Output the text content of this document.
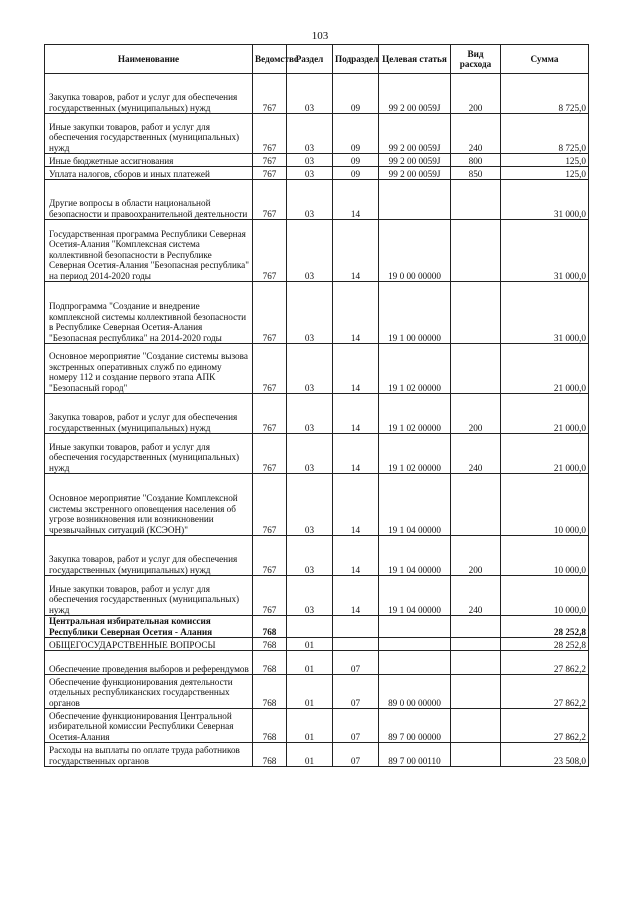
103
Наименование	Ведомство	Раздел	Подраздел	Целевая статья	Вид расхода	Сумма
Закупка товаров, работ и услуг для обеспечения государственных (муниципальных) нужд	767	03	09	99 2 00 0059J	200	8 725,0
Иные закупки товаров, работ и услуг для обеспечения государственных (муниципальных) нужд	767	03	09	99 2 00 0059J	240	8 725,0
Иные бюджетные ассигнования	767	03	09	99 2 00 0059J	800	125,0
Уплата налогов, сборов и иных платежей	767	03	09	99 2 00 0059J	850	125,0
Другие вопросы в области национальной безопасности и правоохранительной деятельности	767	03	14			31 000,0
Государственная программа Республики Северная Осетия-Алания "Комплексная система коллективной безопасности в Республике Северная Осетия-Алания "Безопасная республика" на период 2014-2020 годы	767	03	14	19 0 00 00000		31 000,0
Подпрограмма "Создание и внедрение комплексной системы коллективной безопасности в Республике Северная Осетия-Алания "Безопасная республика" на 2014-2020 годы	767	03	14	19 1 00 00000		31 000,0
Основное мероприятие "Создание системы вызова экстренных оперативных служб по единому номеру 112 и создание первого этапа АПК "Безопасный город"	767	03	14	19 1 02 00000		21 000,0
Закупка товаров, работ и услуг для обеспечения государственных (муниципальных) нужд	767	03	14	19 1 02 00000	200	21 000,0
Иные закупки товаров, работ и услуг для обеспечения государственных (муниципальных) нужд	767	03	14	19 1 02 00000	240	21 000,0
Основное мероприятие "Создание Комплексной системы экстренного оповещения населения об угрозе возникновения или возникновении чрезвычайных ситуаций (КСЭОН)"	767	03	14	19 1 04 00000		10 000,0
Закупка товаров, работ и услуг для обеспечения государственных (муниципальных) нужд	767	03	14	19 1 04 00000	200	10 000,0
Иные закупки товаров, работ и услуг для обеспечения государственных (муниципальных) нужд	767	03	14	19 1 04 00000	240	10 000,0
Центральная избирательная комиссия Республики Северная Осетия - Алания	768					28 252,8
ОБЩЕГОСУДАРСТВЕННЫЕ ВОПРОСЫ	768	01				28 252,8
Обеспечение проведения выборов и референдумов	768	01	07			27 862,2
Обеспечение функционирования деятельности отдельных республиканских государственных органов	768	01	07	89 0 00 00000		27 862,2
Обеспечение функционирования Центральной избирательной комиссии Республики Северная Осетия-Алания	768	01	07	89 7 00 00000		27 862,2
Расходы на выплаты по оплате труда работников государственных органов	768	01	07	89 7 00 00110		23 508,0
